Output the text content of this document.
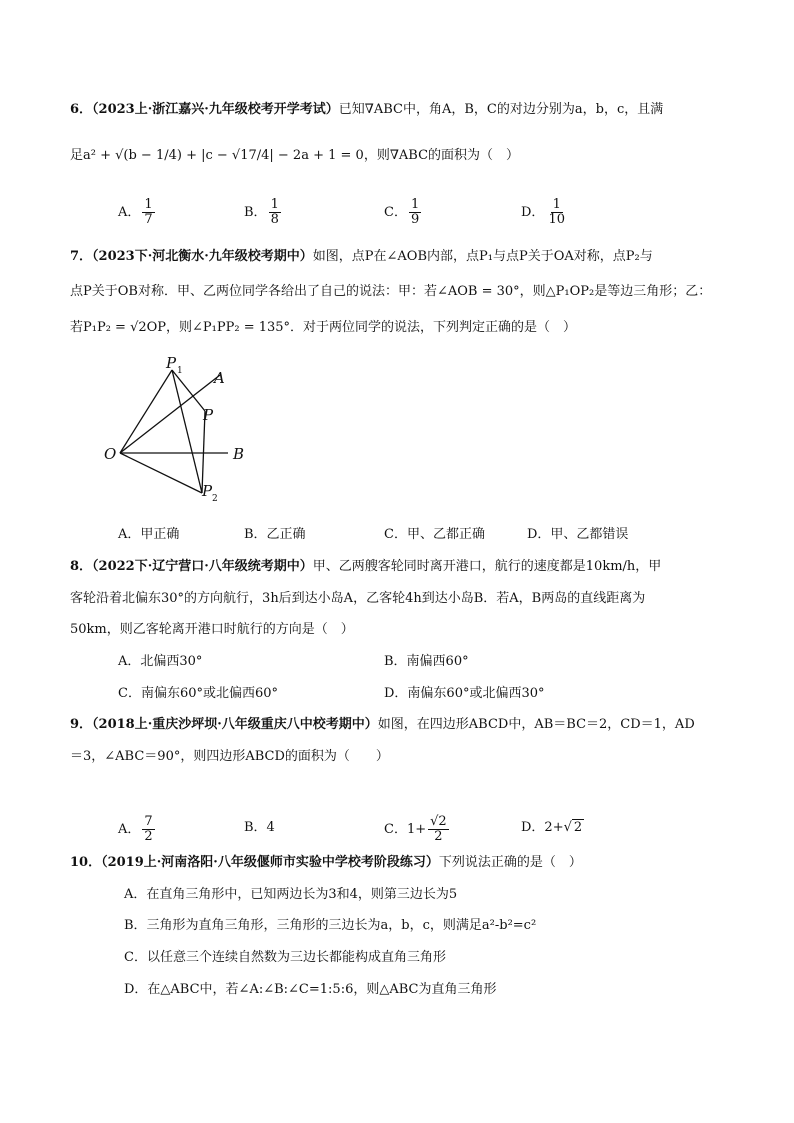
6．（2023上·浙江嘉兴·九年级校考开学考试）已知∇ABC中，角A，B，C的对边分别为a，b，c，且满
足a² + √(b − 1/4) + |c − √17/4| − 2a + 1 = 0，则∇ABC的面积为（　）
A． $\frac{1}{7}$	B． $\frac{1}{8}$	C． $\frac{1}{9}$	D． $\frac{1}{10}$
7．（2023下·河北衡水·九年级校考期中）如图，点P在∠AOB内部，点P₁与点P关于OA对称，点P₂与
点P关于OB对称．甲、乙两位同学各给出了自己的说法：甲：若∠AOB = 30°，则△P₁OP₂是等边三角形；乙：
若P₁P₂ = √2OP，则∠P₁PP₂ = 135°．对于两位同学的说法，下列判定正确的是（　）
P 1 A
P
O	B
P 2
A．甲正确	B．乙正确	C．甲、乙都正确	D．甲、乙都错误
8．（2022下·辽宁营口·八年级统考期中）甲、乙两艘客轮同时离开港口，航行的速度都是10km/h，甲
客轮沿着北偏东30°的方向航行，3h后到达小岛A，乙客轮4h到达小岛B．若A，B两岛的直线距离为
50km，则乙客轮离开港口时航行的方向是（　）
A．北偏西30°	B．南偏西60°
C．南偏东60°或北偏西60°	D．南偏东60°或北偏西30°
9．（2018上·重庆沙坪坝·八年级重庆八中校考期中）如图，在四边形ABCD中，AB＝BC＝2，CD＝1，AD
＝3，∠ABC＝90°，则四边形ABCD的面积为（　　）
A． $\frac{7}{2}$	B．4	C．$1+ \frac{√2}{2}$	D．2+√ 2
10．（2019上·河南洛阳·八年级偃师市实验中学校考阶段练习）下列说法正确的是（　）
A．在直角三角形中，已知两边长为3和4，则第三边长为5
B．三角形为直角三角形，三角形的三边长为a，b，c，则满足a²-b²=c²
C．以任意三个连续自然数为三边长都能构成直角三角形
D．在△ABC中，若∠A:∠B:∠C=1:5:6，则△ABC为直角三角形
